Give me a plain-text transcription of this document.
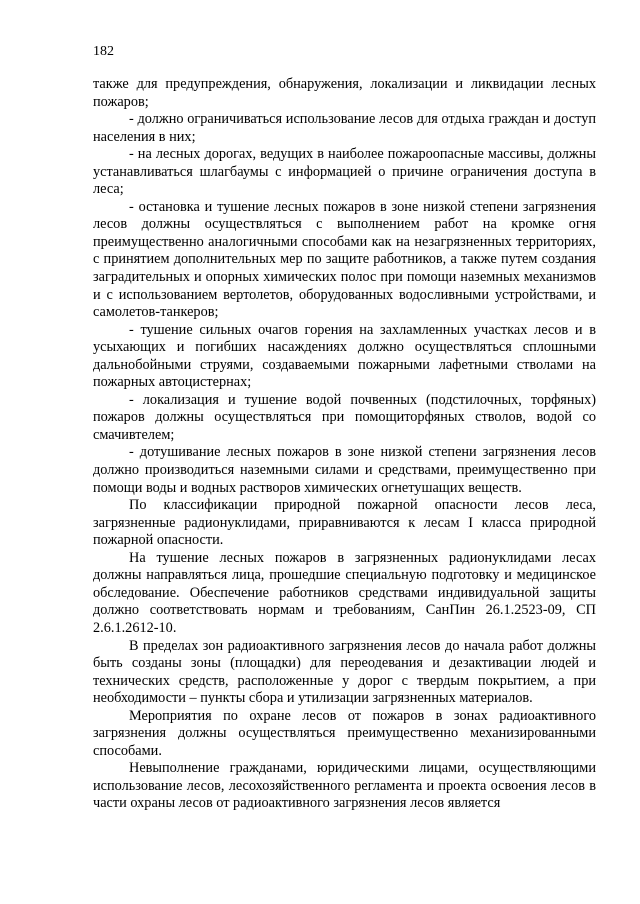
182

также для предупреждения, обнаружения, локализации и ликвидации лесных пожаров;

- должно ограничиваться использование лесов для отдыха граждан и доступ населения в них;

- на лесных дорогах, ведущих в наиболее пожароопасные массивы, должны устанавливаться шлагбаумы с информацией о причине ограничения доступа в леса;

- остановка и тушение лесных пожаров в зоне низкой степени загрязнения лесов должны осуществляться с выполнением работ на кромке огня преимущественно аналогичными способами как на незагрязненных территориях, с принятием дополнительных мер по защите работников, а также путем создания заградительных и опорных химических полос при помощи наземных механизмов и с использованием вертолетов, оборудованных водосливными устройствами, и самолетов-танкеров;

- тушение сильных очагов горения на захламленных участках лесов и в усыхающих и погибших насаждениях должно осуществляться сплошными дальнобойными струями, создаваемыми пожарными лафетными стволами на пожарных автоцистернах;

- локализация и тушение водой почвенных (подстилочных, торфяных) пожаров должны осуществляться при помощиторфяных стволов, водой со смачивтелем;

- дотушивание лесных пожаров в зоне низкой степени загрязнения лесов должно производиться наземными силами и средствами, преимущественно при помощи воды и водных растворов химических огнетушащих веществ.

По классификации природной пожарной опасности лесов леса, загрязненные радионуклидами, приравниваются к лесам I класса природной пожарной опасности.

На тушение лесных пожаров в загрязненных радионуклидами лесах должны направляться лица, прошедшие специальную подготовку и медицинское обследование. Обеспечение работников средствами индивидуальной защиты должно соответствовать нормам и требованиям, СанПин 26.1.2523-09, СП 2.6.1.2612-10.

В пределах зон радиоактивного загрязнения лесов до начала работ должны быть созданы зоны (площадки) для переодевания и дезактивации людей и технических средств, расположенные у дорог с твердым покрытием, а при необходимости – пункты сбора и утилизации загрязненных материалов.

Мероприятия по охране лесов от пожаров в зонах радиоактивного загрязнения должны осуществляться преимущественно механизированными способами.

Невыполнение гражданами, юридическими лицами, осуществляющими использование лесов, лесохозяйственного регламента и проекта освоения лесов в части охраны лесов от радиоактивного загрязнения лесов является
